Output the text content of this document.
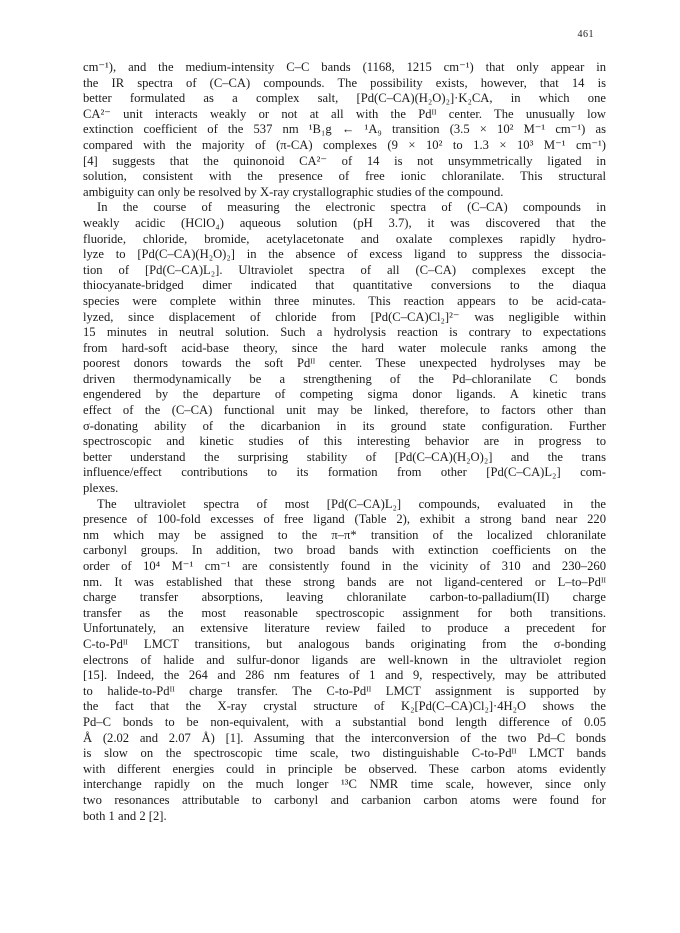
461
cm⁻¹), and the medium-intensity C–C bands (1168, 1215 cm⁻¹) that only appear in
the IR spectra of (C–CA) compounds. The possibility exists, however, that 14 is
better formulated as a complex salt, [Pd(C–CA)(H₂O)₂]·K₂CA, in which one
CA²⁻ unit interacts weakly or not at all with the Pdᴵᴵ center. The unusually low
extinction coefficient of the 537 nm ¹B₁g ← ¹A₉ transition (3.5 × 10² M⁻¹ cm⁻¹) as
compared with the majority of (π-CA) complexes (9 × 10² to 1.3 × 10³ M⁻¹ cm⁻¹)
[4] suggests that the quinonoid CA²⁻ of 14 is not unsymmetrically ligated in
solution, consistent with the presence of free ionic chloranilate. This structural
ambiguity can only be resolved by X-ray crystallographic studies of the compound.
In the course of measuring the electronic spectra of (C–CA) compounds in
weakly acidic (HClO₄) aqueous solution (pH 3.7), it was discovered that the
fluoride, chloride, bromide, acetylacetonate and oxalate complexes rapidly hydro-
lyze to [Pd(C–CA)(H₂O)₂] in the absence of excess ligand to suppress the dissocia-
tion of [Pd(C–CA)L₂]. Ultraviolet spectra of all (C–CA) complexes except the
thiocyanate-bridged dimer indicated that quantitative conversions to the diaqua
species were complete within three minutes. This reaction appears to be acid-cata-
lyzed, since displacement of chloride from [Pd(C–CA)Cl₂]²⁻ was negligible within
15 minutes in neutral solution. Such a hydrolysis reaction is contrary to expectations
from hard-soft acid-base theory, since the hard water molecule ranks among the
poorest donors towards the soft Pdᴵᴵ center. These unexpected hydrolyses may be
driven thermodynamically be a strengthening of the Pd–chloranilate C bonds
engendered by the departure of competing sigma donor ligands. A kinetic trans
effect of the (C–CA) functional unit may be linked, therefore, to factors other than
σ-donating ability of the dicarbanion in its ground state configuration. Further
spectroscopic and kinetic studies of this interesting behavior are in progress to
better understand the surprising stability of [Pd(C–CA)(H₂O)₂] and the trans
influence/effect contributions to its formation from other [Pd(C–CA)L₂] com-
plexes.
The ultraviolet spectra of most [Pd(C–CA)L₂] compounds, evaluated in the
presence of 100-fold excesses of free ligand (Table 2), exhibit a strong band near 220
nm which may be assigned to the π–π* transition of the localized chloranilate
carbonyl groups. In addition, two broad bands with extinction coefficients on the
order of 10⁴ M⁻¹ cm⁻¹ are consistently found in the vicinity of 310 and 230–260
nm. It was established that these strong bands are not ligand-centered or L–to–Pdᴵᴵ
charge transfer absorptions, leaving chloranilate carbon-to-palladium(II) charge
transfer as the most reasonable spectroscopic assignment for both transitions.
Unfortunately, an extensive literature review failed to produce a precedent for
C-to-Pdᴵᴵ LMCT transitions, but analogous bands originating from the σ-bonding
electrons of halide and sulfur-donor ligands are well-known in the ultraviolet region
[15]. Indeed, the 264 and 286 nm features of 1 and 9, respectively, may be attributed
to halide-to-Pdᴵᴵ charge transfer. The C-to-Pdᴵᴵ LMCT assignment is supported by
the fact that the X-ray crystal structure of K₂[Pd(C–CA)Cl₂]·4H₂O shows the
Pd–C bonds to be non-equivalent, with a substantial bond length difference of 0.05
Å (2.02 and 2.07 Å) [1]. Assuming that the interconversion of the two Pd–C bonds
is slow on the spectroscopic time scale, two distinguishable C-to-Pdᴵᴵ LMCT bands
with different energies could in principle be observed. These carbon atoms evidently
interchange rapidly on the much longer ¹³C NMR time scale, however, since only
two resonances attributable to carbonyl and carbanion carbon atoms were found for
both 1 and 2 [2].
